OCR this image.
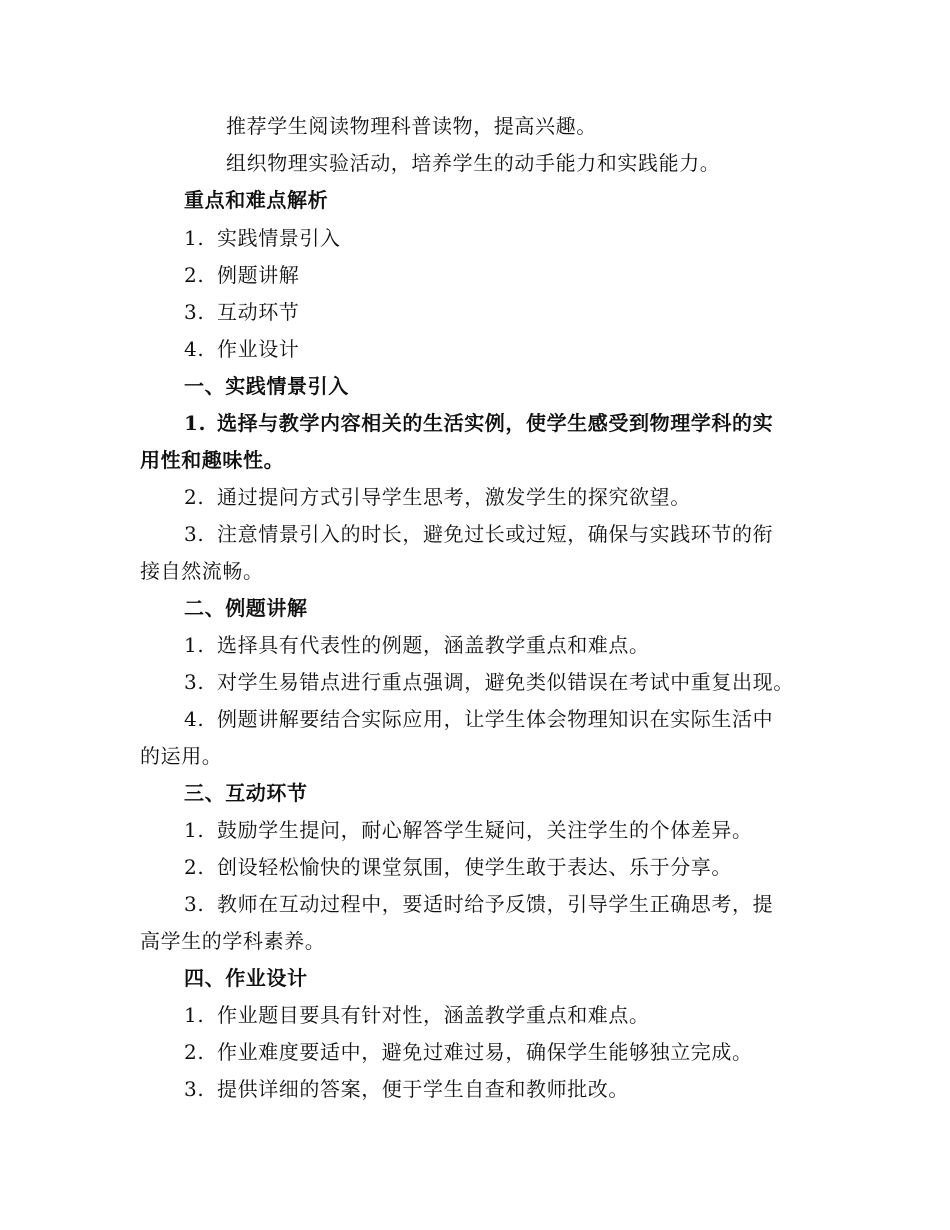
推荐学生阅读物理科普读物，提高兴趣。
组织物理实验活动，培养学生的动手能力和实践能力。
重点和难点解析
1. 实践情景引入
2. 例题讲解
3. 互动环节
4. 作业设计
一、实践情景引入
1. 选择与教学内容相关的生活实例，使学生感受到物理学科的实
用性和趣味性。
2. 通过提问方式引导学生思考，激发学生的探究欲望。
3. 注意情景引入的时长，避免过长或过短，确保与实践环节的衔
接自然流畅。
二、例题讲解
1. 选择具有代表性的例题，涵盖教学重点和难点。
3. 对学生易错点进行重点强调，避免类似错误在考试中重复出现。
4. 例题讲解要结合实际应用，让学生体会物理知识在实际生活中
的运用。
三、互动环节
1. 鼓励学生提问，耐心解答学生疑问，关注学生的个体差异。
2. 创设轻松愉快的课堂氛围，使学生敢于表达、乐于分享。
3. 教师在互动过程中，要适时给予反馈，引导学生正确思考，提
高学生的学科素养。
四、作业设计
1. 作业题目要具有针对性，涵盖教学重点和难点。
2. 作业难度要适中，避免过难过易，确保学生能够独立完成。
3. 提供详细的答案，便于学生自查和教师批改。
